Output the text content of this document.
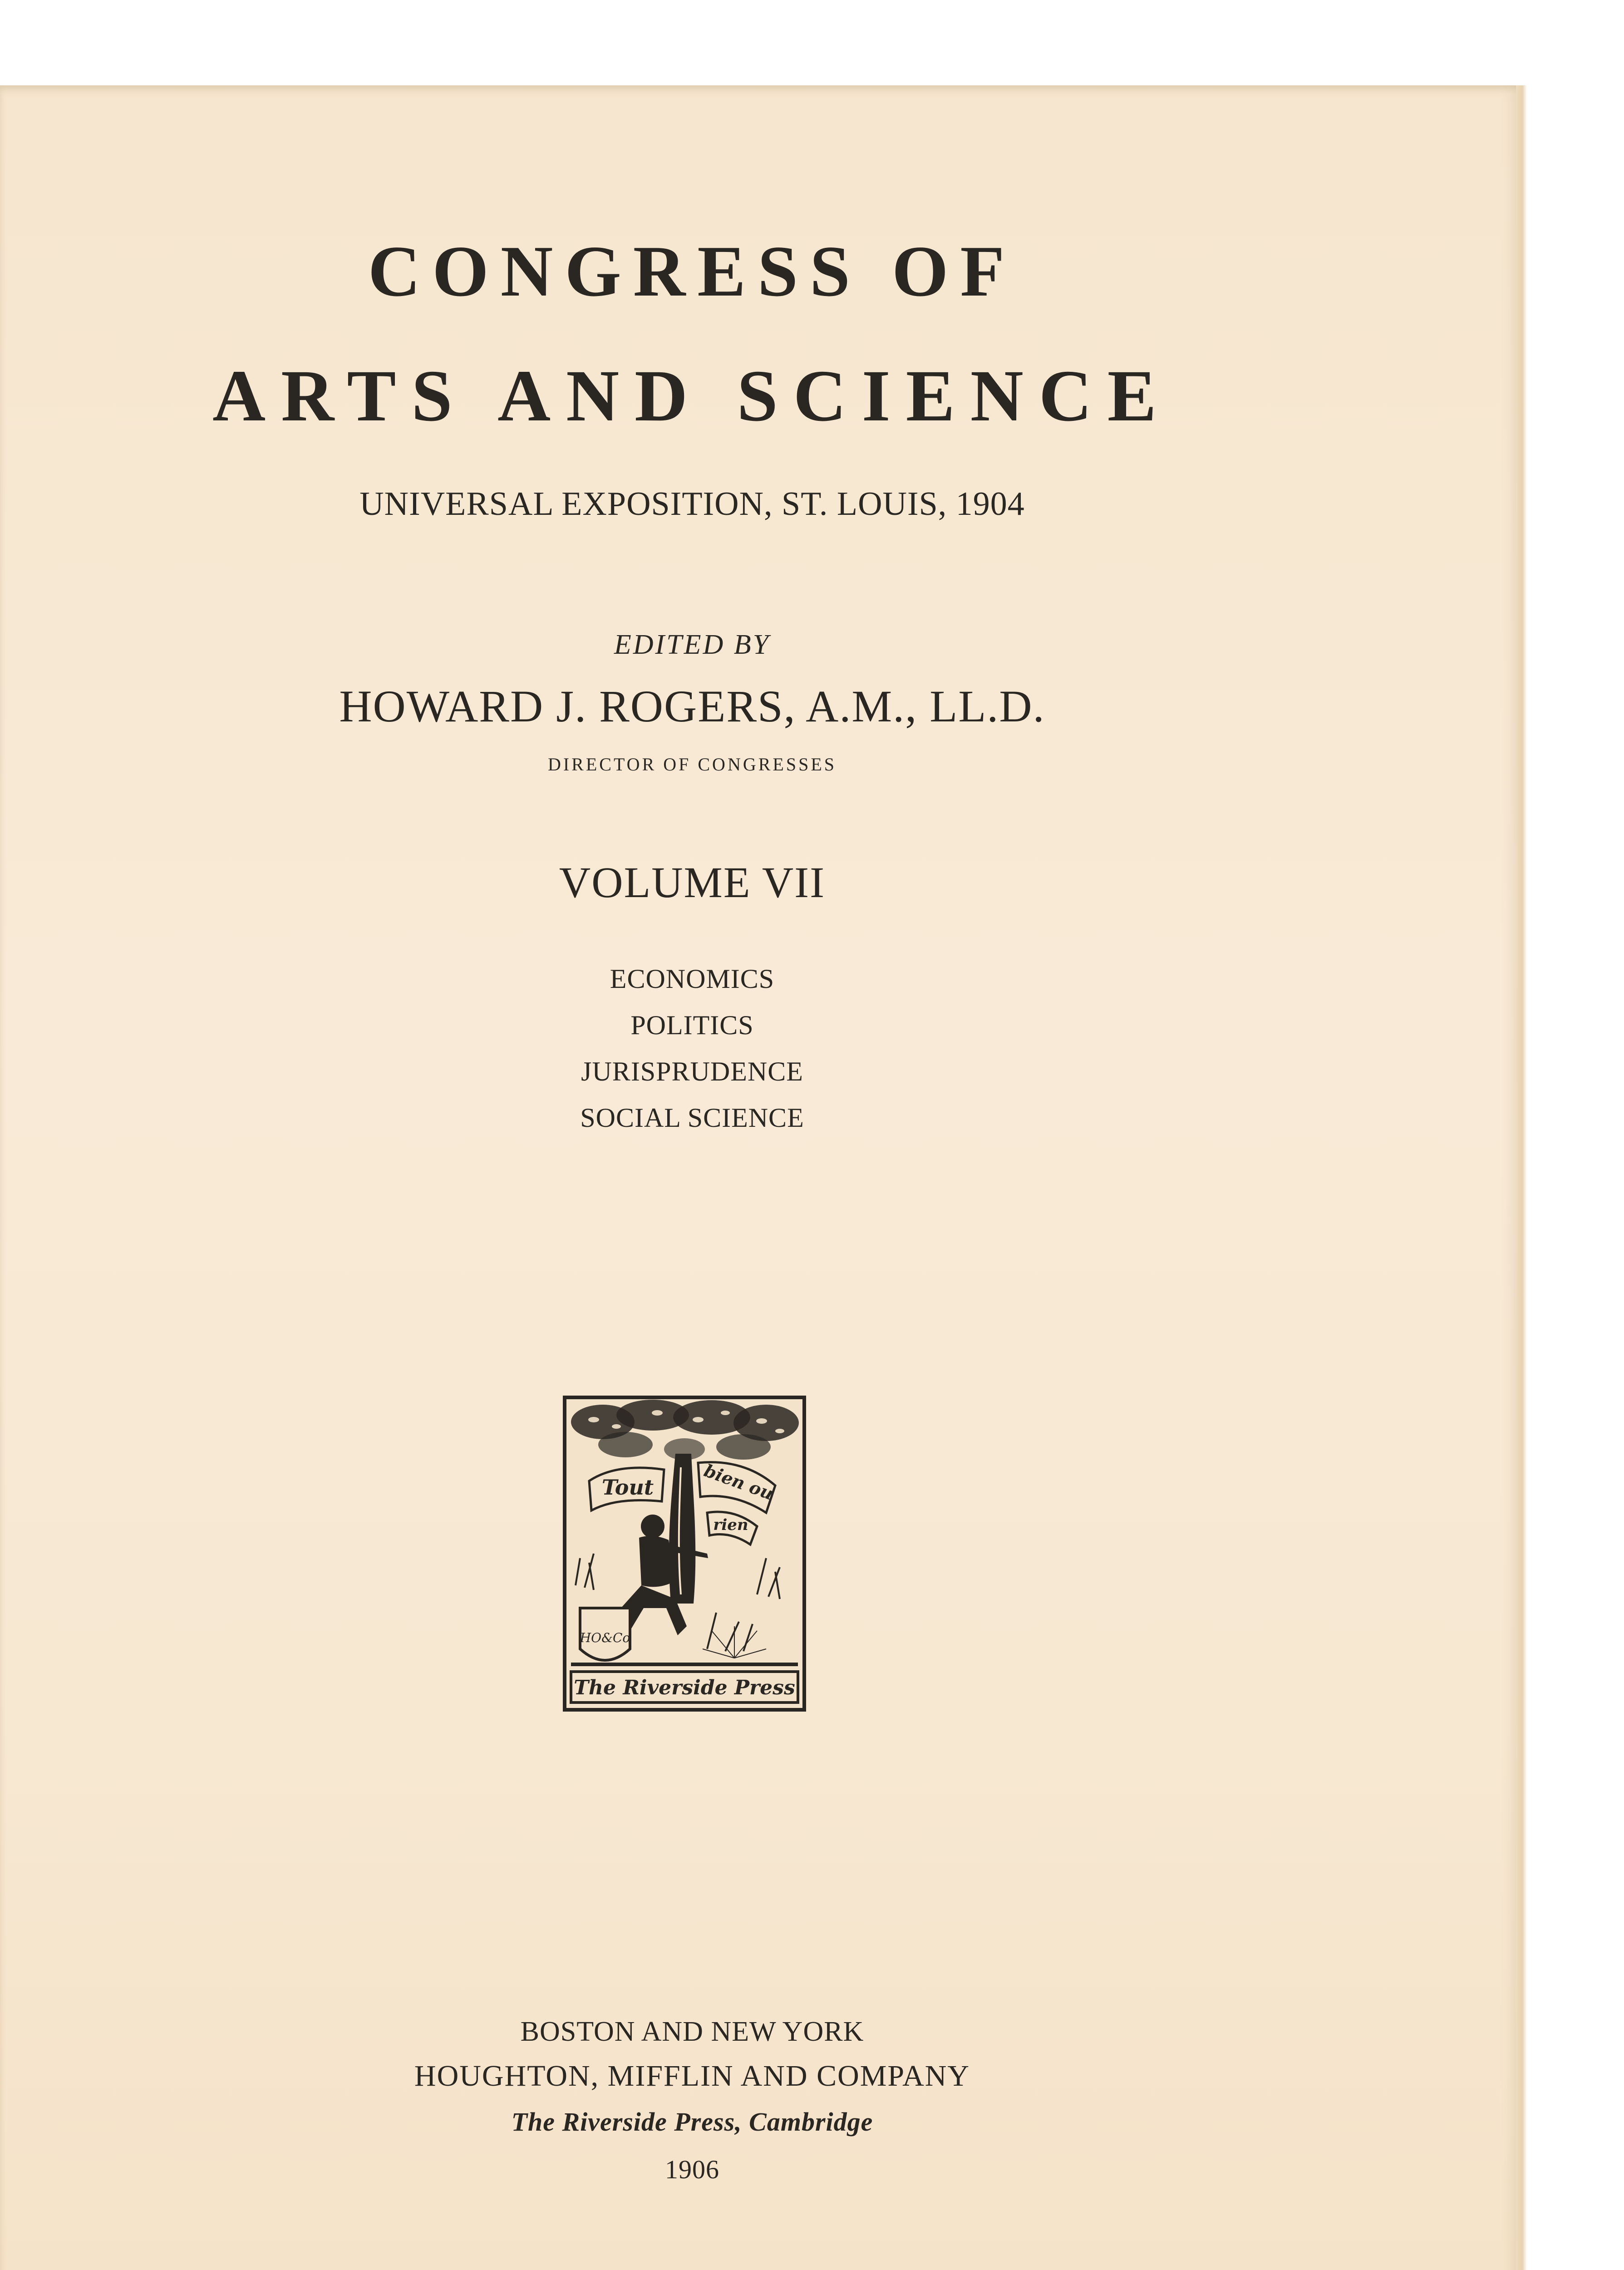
CONGRESS OF
ARTS AND SCIENCE

UNIVERSAL EXPOSITION, ST. LOUIS, 1904

EDITED BY

HOWARD J. ROGERS, A.M., LL.D.

DIRECTOR OF CONGRESSES

VOLUME VII

ECONOMICS
POLITICS
JURISPRUDENCE
SOCIAL SCIENCE
Tout	bien ou
rien
HO&Co
The Riverside Press

BOSTON AND NEW YORK

HOUGHTON, MIFFLIN AND COMPANY

The Riverside Press, Cambridge

1906
